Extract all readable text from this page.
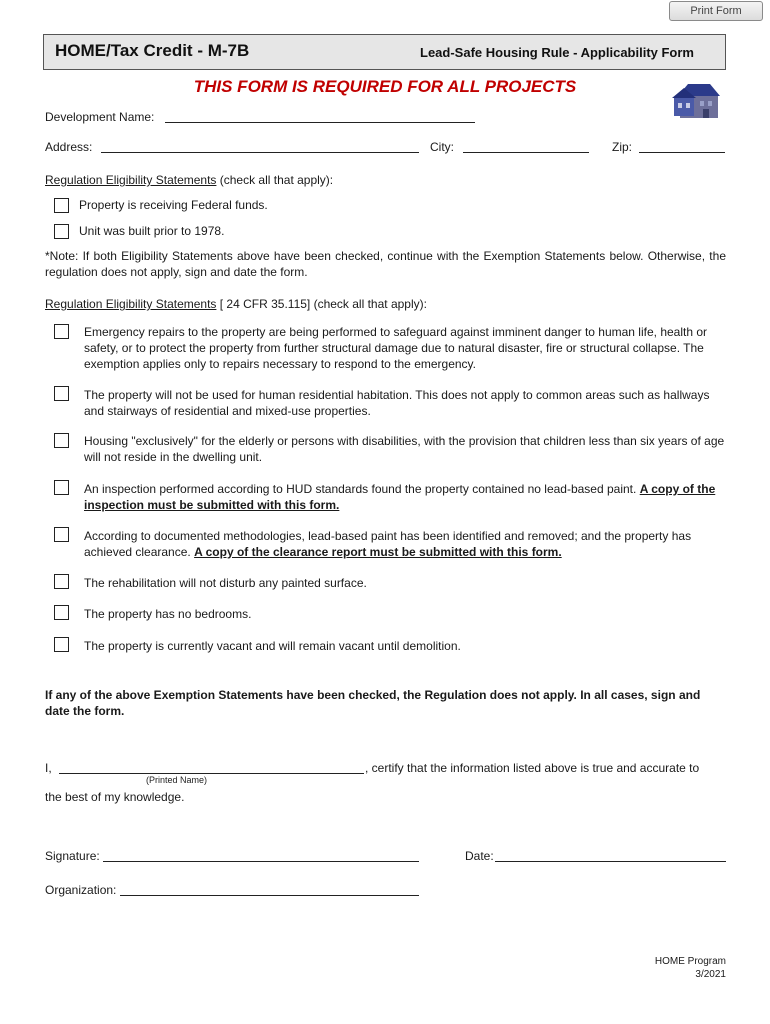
Print Form
HOME/Tax Credit - M-7B	Lead-Safe Housing Rule - Applicability Form
THIS FORM IS REQUIRED FOR ALL PROJECTS
Development Name:
Address:	City:	Zip:
Regulation Eligibility Statements (check all that apply):
Property is receiving Federal funds.
Unit was built prior to 1978.
*Note: If both Eligibility Statements above have been checked, continue with the Exemption Statements below. Otherwise, the regulation does not apply, sign and date the form.
Regulation Eligibility Statements [ 24 CFR 35.115] (check all that apply):
Emergency repairs to the property are being performed to safeguard against imminent danger to human life, health or safety, or to protect the property from further structural damage due to natural disaster, fire or structural collapse. The exemption applies only to repairs necessary to respond to the emergency.
The property will not be used for human residential habitation. This does not apply to common areas such as hallways and stairways of residential and mixed-use properties.
Housing "exclusively" for the elderly or persons with disabilities, with the provision that children less than six years of age will not reside in the dwelling unit.
An inspection performed according to HUD standards found the property contained no lead-based paint. A copy of the inspection must be submitted with this form.
According to documented methodologies, lead-based paint has been identified and removed; and the property has achieved clearance. A copy of the clearance report must be submitted with this form.
The rehabilitation will not disturb any painted surface.
The property has no bedrooms.
The property is currently vacant and will remain vacant until demolition.
If any of the above Exemption Statements have been checked, the Regulation does not apply. In all cases, sign and date the form.
I,	, certify that the information listed above is true and accurate to
(Printed Name)
the best of my knowledge.
Signature:	Date:
Organization:
HOME Program
3/2021
